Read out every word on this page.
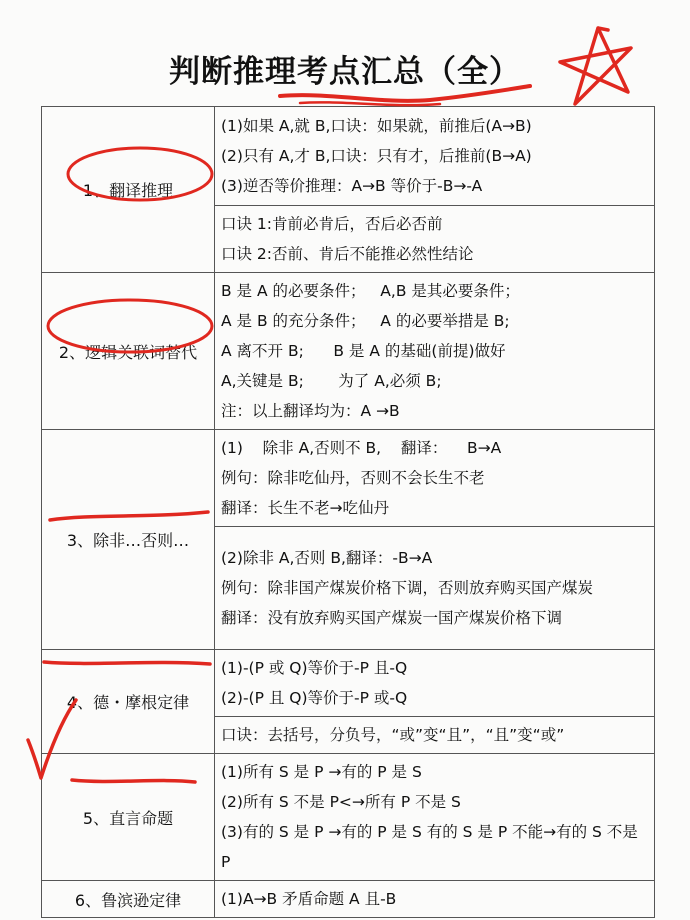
判断推理考点汇总（全）
1、翻译推理	(1)如果 A,就 B,口诀：如果就，前推后(A→B)
(2)只有 A,才 B,口诀：只有才，后推前(B→A)
(3)逆否等价推理：A→B 等价于-B→-A

	口诀 1:肯前必肯后，否后必否前
口诀 2:否前、肯后不能推必然性结论

2、逻辑关联词替代	B 是 A 的必要条件；   A,B 是其必要条件；
A 是 B 的充分条件；   A 的必要举措是 B;
A 离不开 B;      B 是 A 的基础(前提)做好
A,关键是 B;       为了 A,必须 B;
注：以上翻译均为：A →B

3、除非…否则…	(1)    除非 A,否则不 B,    翻译：    B→A
例句：除非吃仙丹，否则不会长生不老
翻译：长生不老→吃仙丹

	(2)除非 A,否则 B,翻译：-B→A
例句：除非国产煤炭价格下调，否则放弃购买国产煤炭
翻译：没有放弃购买国产煤炭一国产煤炭价格下调

4、德・摩根定律	(1)-(P 或 Q)等价于-P 且-Q
(2)-(P 且 Q)等价于-P 或-Q

	口诀：去括号，分负号，“或”变“且”，“且”变“或”

5、直言命题	(1)所有 S 是 P →有的 P 是 S
(2)所有 S 不是 P<→所有 P 不是 S
(3)有的 S 是 P →有的 P 是 S 有的 S 是 P 不能→有的 S 不是 P

6、鲁滨逊定律	(1)A→B 矛盾命题 A 且-B
